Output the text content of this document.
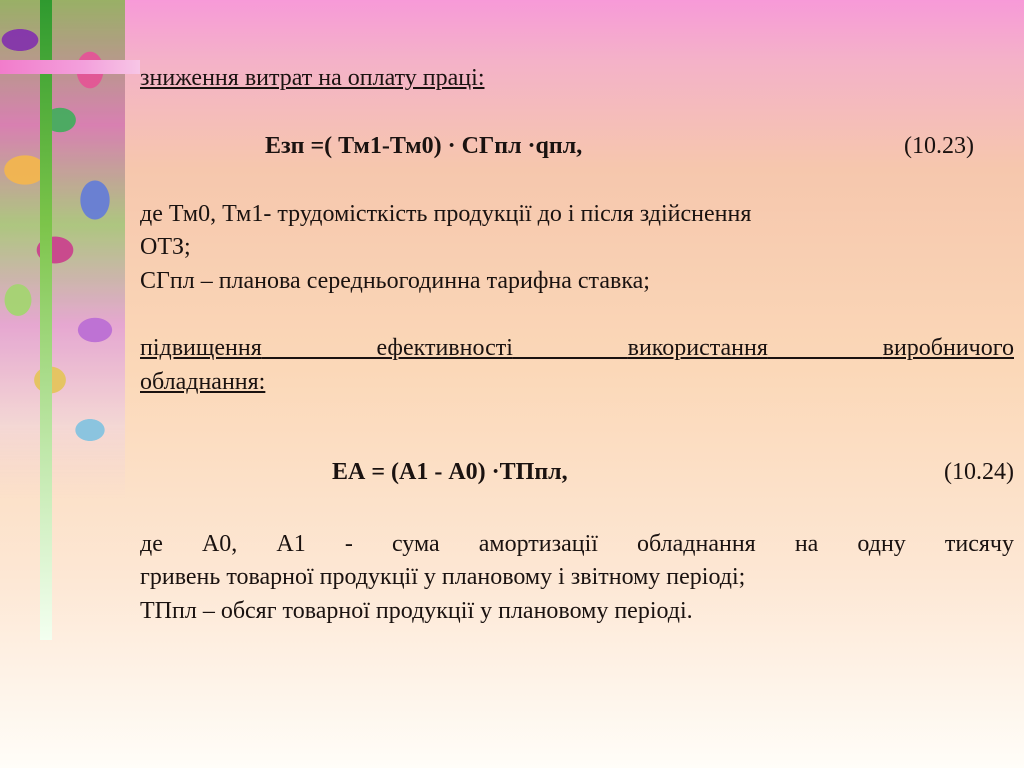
зниження витрат на оплату праці:
Езп =( Тм1-Тм0) · СГпл ·qпл,	(10.23)
де Тм0, Тм1- трудомісткість продукції до і після здійснення
ОТЗ;
СГпл – планова середньогодинна тарифна ставка;
підвищення	ефективності	використання	виробничого
обладнання:
ЕА = (А1 - А0) ·ТПпл,	(10.24)
де А0, А1 - сума амортизації обладнання на одну тисячу
гривень товарної продукції у плановому і звітному періоді;
ТПпл – обсяг товарної продукції у плановому періоді.
